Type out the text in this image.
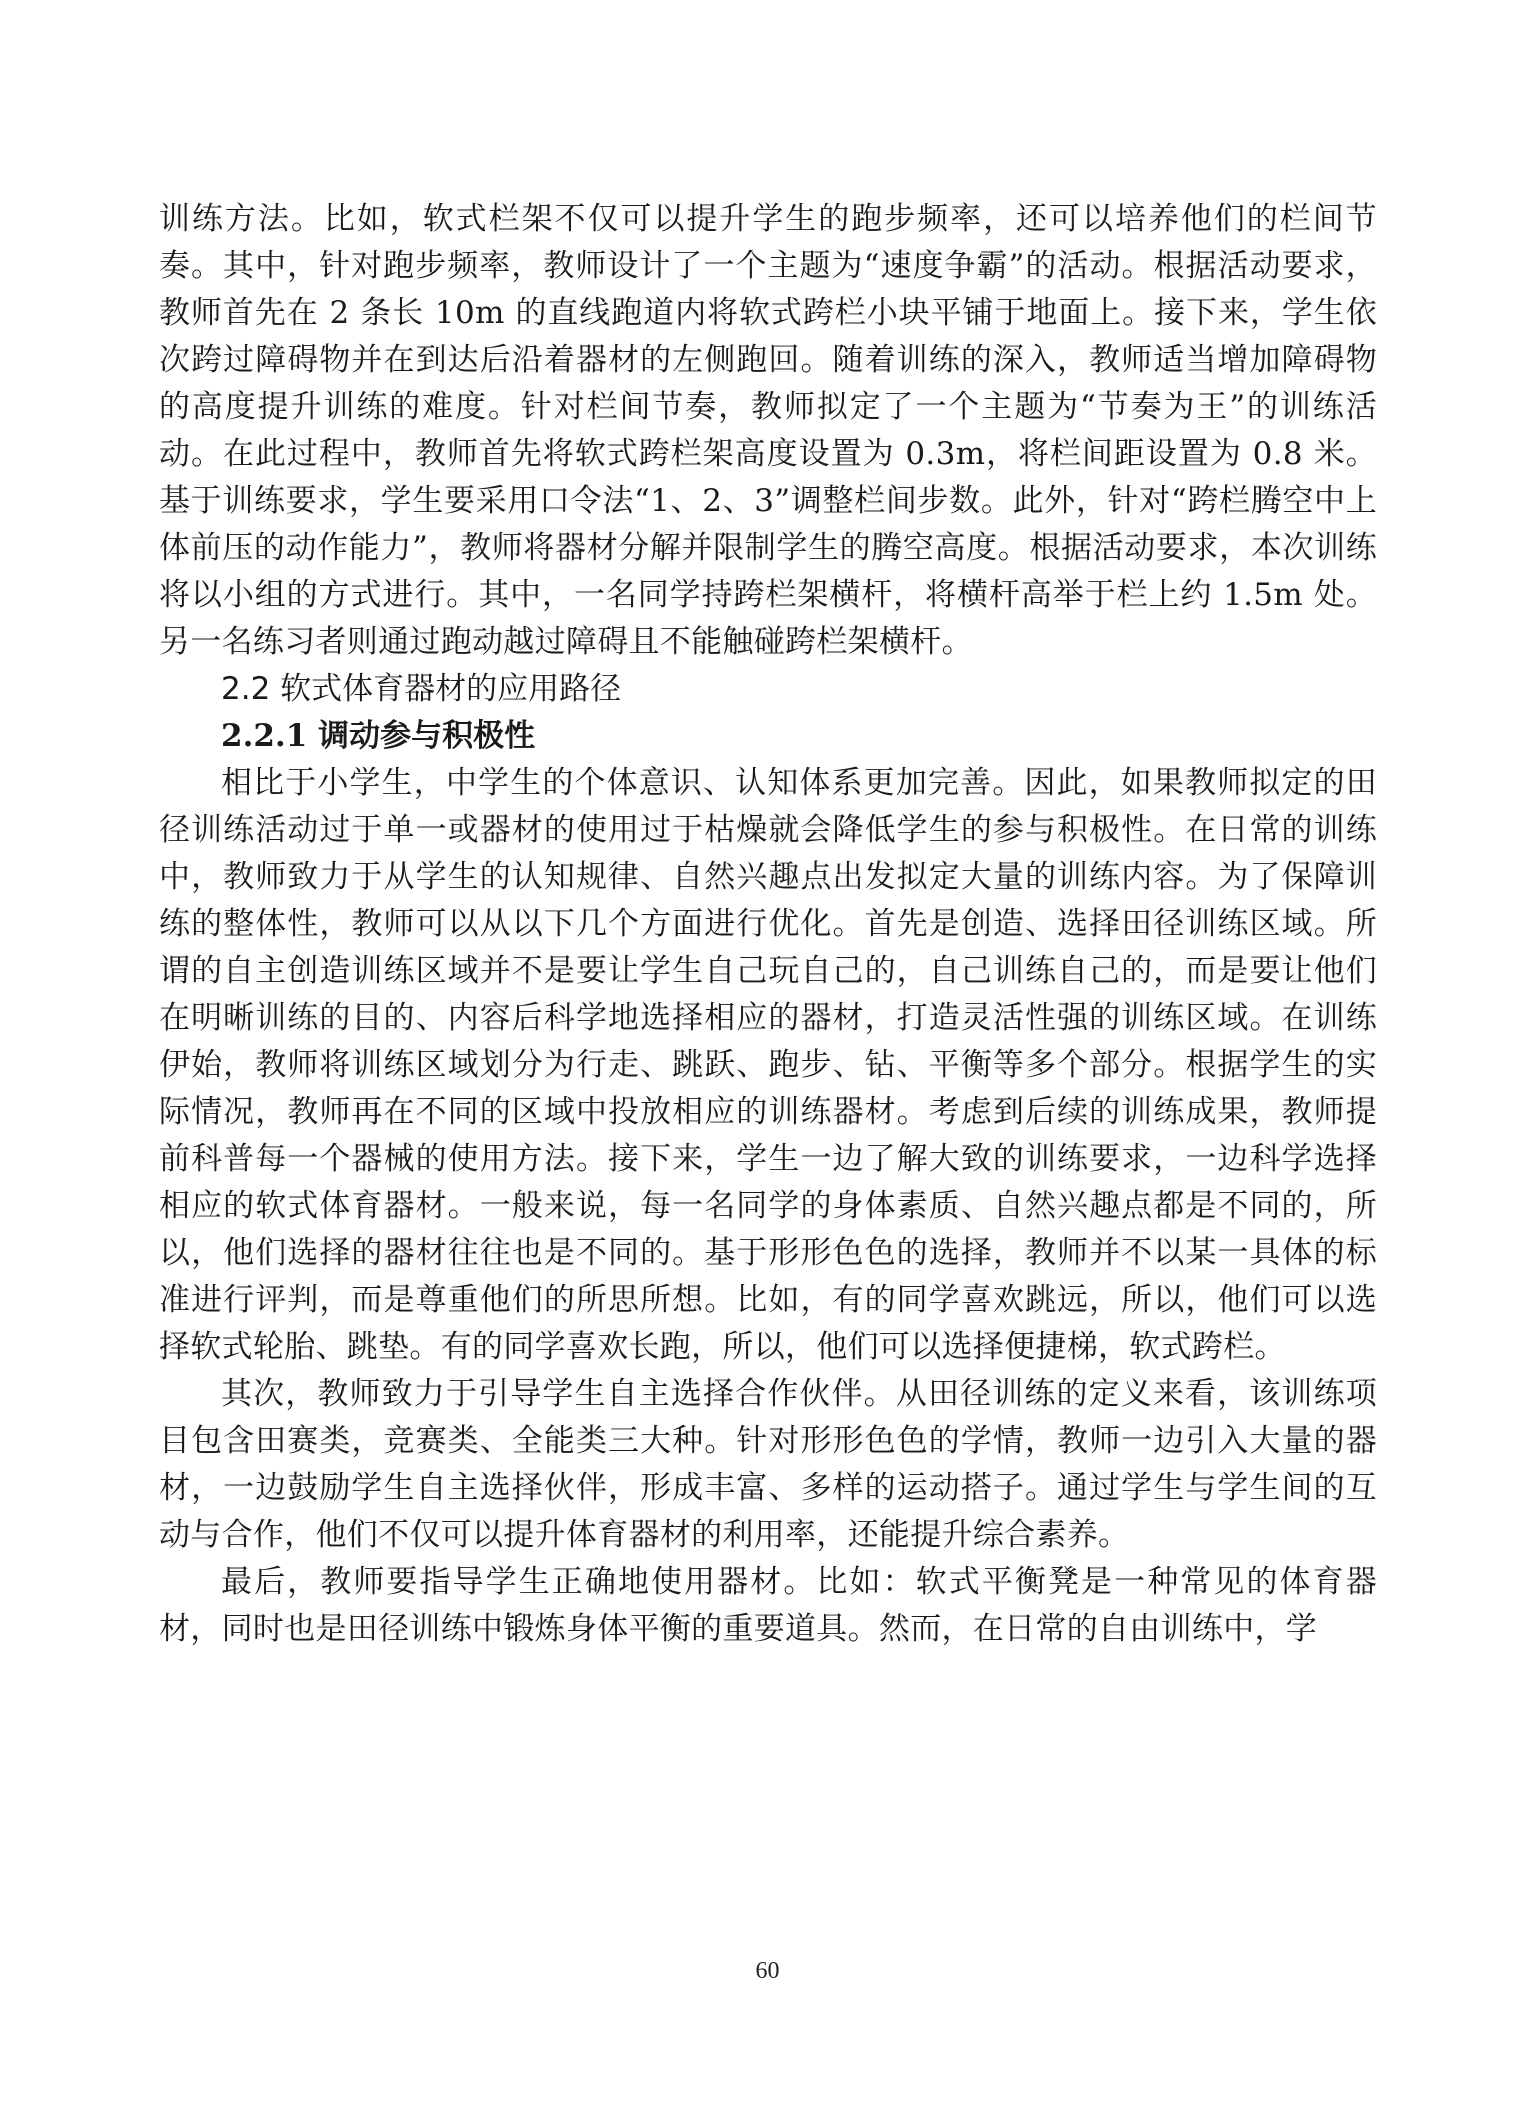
训练方法。比如，软式栏架不仅可以提升学生的跑步频率，还可以培养他们的栏间节奏。其中，针对跑步频率，教师设计了一个主题为“速度争霸”的活动。根据活动要求，教师首先在 2 条长 10m 的直线跑道内将软式跨栏小块平铺于地面上。接下来，学生依次跨过障碍物并在到达后沿着器材的左侧跑回。随着训练的深入，教师适当增加障碍物的高度提升训练的难度。针对栏间节奏，教师拟定了一个主题为“节奏为王”的训练活动。在此过程中，教师首先将软式跨栏架高度设置为 0.3m，将栏间距设置为 0.8 米。基于训练要求，学生要采用口令法“1、2、3”调整栏间步数。此外，针对“跨栏腾空中上体前压的动作能力”，教师将器材分解并限制学生的腾空高度。根据活动要求，本次训练将以小组的方式进行。其中，一名同学持跨栏架横杆，将横杆高举于栏上约 1.5m 处。另一名练习者则通过跑动越过障碍且不能触碰跨栏架横杆。

2.2 软式体育器材的应用路径
2.2.1 调动参与积极性

相比于小学生，中学生的个体意识、认知体系更加完善。因此，如果教师拟定的田径训练活动过于单一或器材的使用过于枯燥就会降低学生的参与积极性。在日常的训练中，教师致力于从学生的认知规律、自然兴趣点出发拟定大量的训练内容。为了保障训练的整体性，教师可以从以下几个方面进行优化。首先是创造、选择田径训练区域。所谓的自主创造训练区域并不是要让学生自己玩自己的，自己训练自己的，而是要让他们在明晰训练的目的、内容后科学地选择相应的器材，打造灵活性强的训练区域。在训练伊始，教师将训练区域划分为行走、跳跃、跑步、钻、平衡等多个部分。根据学生的实际情况，教师再在不同的区域中投放相应的训练器材。考虑到后续的训练成果，教师提前科普每一个器械的使用方法。接下来，学生一边了解大致的训练要求，一边科学选择相应的软式体育器材。一般来说，每一名同学的身体素质、自然兴趣点都是不同的，所以，他们选择的器材往往也是不同的。基于形形色色的选择，教师并不以某一具体的标准进行评判，而是尊重他们的所思所想。比如，有的同学喜欢跳远，所以，他们可以选择软式轮胎、跳垫。有的同学喜欢长跑，所以，他们可以选择便捷梯，软式跨栏。

其次，教师致力于引导学生自主选择合作伙伴。从田径训练的定义来看，该训练项目包含田赛类，竞赛类、全能类三大种。针对形形色色的学情，教师一边引入大量的器材，一边鼓励学生自主选择伙伴，形成丰富、多样的运动搭子。通过学生与学生间的互动与合作，他们不仅可以提升体育器材的利用率，还能提升综合素养。

最后，教师要指导学生正确地使用器材。比如：软式平衡凳是一种常见的体育器材，同时也是田径训练中锻炼身体平衡的重要道具。然而，在日常的自由训练中，学

60
